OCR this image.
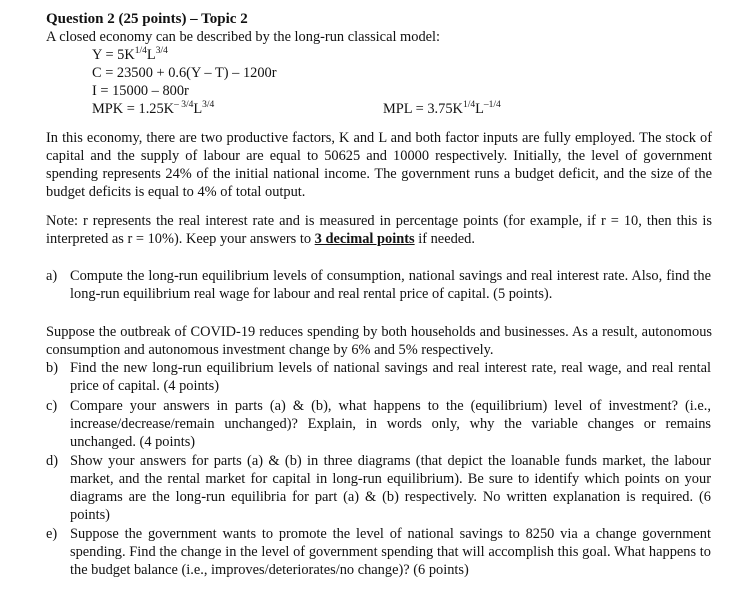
Question 2 (25 points) – Topic 2

A closed economy can be described by the long-run classical model:

$Y = 5K^{1/4}L^{3/4}$
C = 23500 + 0.6(Y – T) – 1200r
I = 15000 – 800r
MPK = $1.25K^{- 3/4}L^{3/4}$	MPL = $3.75K^{1/4}L^{-1/4}$

In this economy, there are two productive factors, K and L and both factor inputs are fully employed. The stock of capital and the supply of labour are equal to 50625 and 10000 respectively. Initially, the level of government spending represents 24% of the initial national income. The government runs a budget deficit, and the size of the budget deficits is equal to 4% of total output.

Note: r represents the real interest rate and is measured in percentage points (for example, if r = 10, then this is interpreted as r = 10%). Keep your answers to 3 decimal points if needed.

a) Compute the long-run equilibrium levels of consumption, national savings and real interest rate. Also, find the long-run equilibrium real wage for labour and real rental price of capital. (5 points).

Suppose the outbreak of COVID-19 reduces spending by both households and businesses. As a result, autonomous consumption and autonomous investment change by 6% and 5% respectively.

b) Find the new long-run equilibrium levels of national savings and real interest rate, real wage, and real rental price of capital. (4 points)
c) Compare your answers in parts (a) & (b), what happens to the (equilibrium) level of investment? (i.e., increase/decrease/remain unchanged)? Explain, in words only, why the variable changes or remains unchanged. (4 points)
d) Show your answers for parts (a) & (b) in three diagrams (that depict the loanable funds market, the labour market, and the rental market for capital in long-run equilibrium). Be sure to identify which points on your diagrams are the long-run equilibria for part (a) & (b) respectively. No written explanation is required. (6 points)
e) Suppose the government wants to promote the level of national savings to 8250 via a change government spending. Find the change in the level of government spending that will accomplish this goal. What happens to the budget balance (i.e., improves/deteriorates/no change)? (6 points)
